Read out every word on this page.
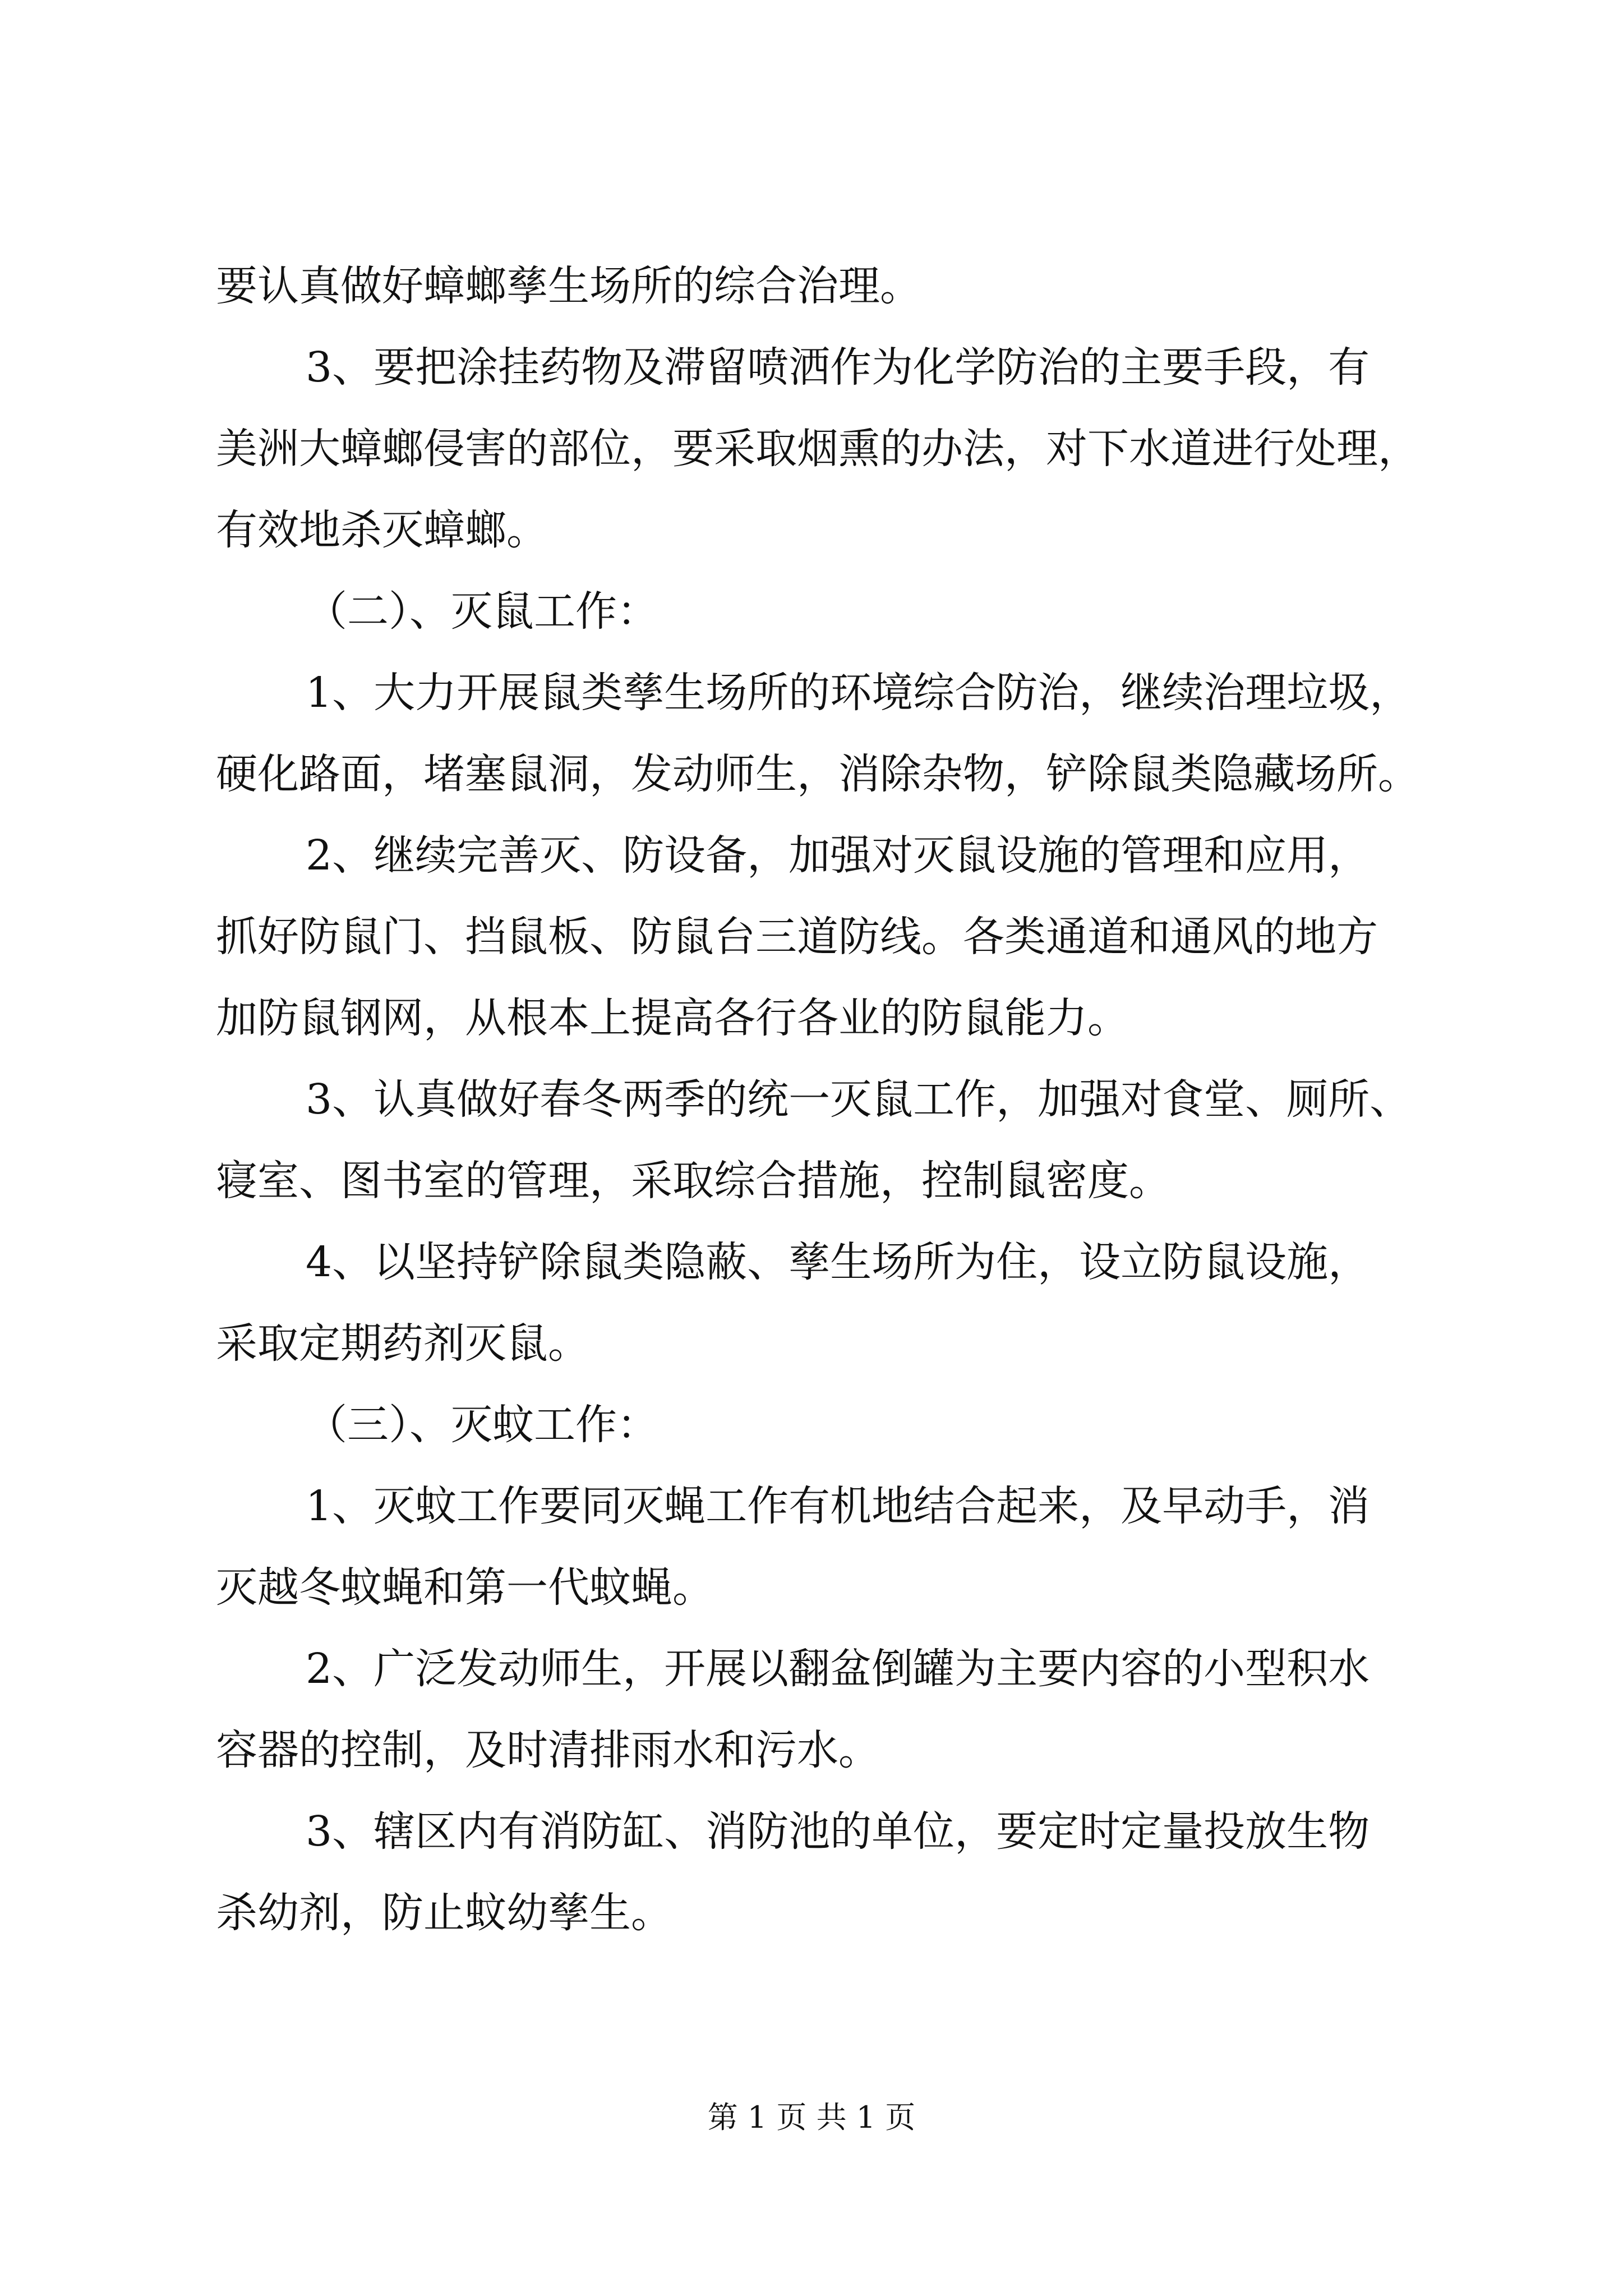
要认真做好蟑螂孳生场所的综合治理。
3、要把涂挂药物及滞留喷洒作为化学防治的主要手段，有
美洲大蟑螂侵害的部位，要采取烟熏的办法，对下水道进行处理，
有效地杀灭蟑螂。
（二）、灭鼠工作：
1、大力开展鼠类孳生场所的环境综合防治，继续治理垃圾，
硬化路面，堵塞鼠洞，发动师生，消除杂物，铲除鼠类隐藏场所。
2、继续完善灭、防设备，加强对灭鼠设施的管理和应用，
抓好防鼠门、挡鼠板、防鼠台三道防线。各类通道和通风的地方
加防鼠钢网，从根本上提高各行各业的防鼠能力。
3、认真做好春冬两季的统一灭鼠工作，加强对食堂、厕所、
寝室、图书室的管理，采取综合措施，控制鼠密度。
4、以坚持铲除鼠类隐蔽、孳生场所为住，设立防鼠设施，
采取定期药剂灭鼠。
（三）、灭蚊工作：
1、灭蚊工作要同灭蝇工作有机地结合起来，及早动手，消
灭越冬蚊蝇和第一代蚊蝇。
2、广泛发动师生，开展以翻盆倒罐为主要内容的小型积水
容器的控制，及时清排雨水和污水。
3、辖区内有消防缸、消防池的单位，要定时定量投放生物
杀幼剂，防止蚊幼孳生。
第 1 页 共 1 页
